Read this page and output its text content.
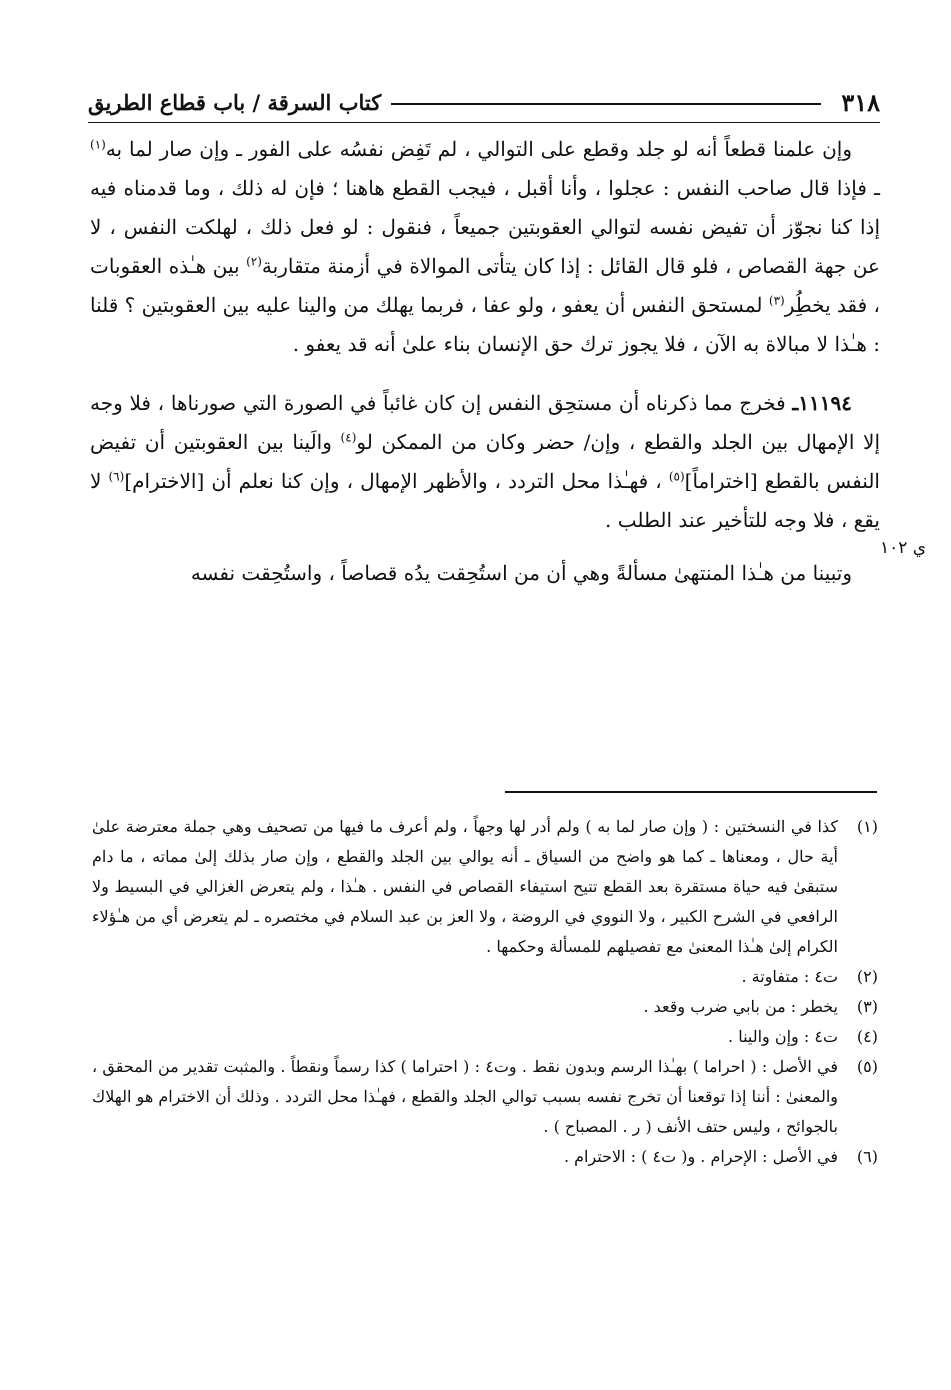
٣١٨
كتاب السرقة / باب قطاع الطريق
ي ١٠٢

وإن علمنا قطعاً أنه لو جلد وقطع على التوالي ، لم تَفِض نفسُه على الفور ـ وإن صار لما به$^{(١)}$ ـ فإذا قال صاحب النفس : عجلوا ، وأنا أقبل ، فيجب القطع هاهنا ؛ فإن له ذلك ، وما قدمناه فيه إذا كنا نجوّز أن تفيض نفسه لتوالي العقوبتين جميعاً ، فنقول : لو فعل ذلك ، لهلكت النفس ، لا عن جهة القصاص ، فلو قال القائل : إذا كان يتأتى الموالاة في أزمنة متقاربة$^{(٢)}$ بين هـٰذه العقوبات ، فقد يخطُِر$^{(٣)}$ لمستحق النفس أن يعفو ، ولو عفا ، فربما يهلك من والينا عليه بين العقوبتين ؟ قلنا : هـٰذا لا مبالاة به الآن ، فلا يجوز ترك حق الإنسان بناء علىٰ أنه قد يعفو .

١١١٩٤ـ فخرج مما ذكرناه أن مستحِق النفس إن كان غائباً في الصورة التي صورناها ، فلا وجه إلا الإمهال بين الجلد والقطع ، وإن/ حضر وكان من الممكن لو$^{(٤)}$ والَينا بين العقوبتين أن تفيض النفس بالقطع [اختراماً]$^{(٥)}$ ، فهـٰذا محل التردد ، والأظهر الإمهال ، وإن كنا نعلم أن [الاخترام]$^{(٦)}$ لا يقع ، فلا وجه للتأخير عند الطلب .

وتبينا من هـٰذا المنتهىٰ مسألةً وهي أن من استُحِقت يدُه قصاصاً ، واستُحِقت نفسه

(١)
كذا في النسختين : ( وإن صار لما به ) ولم أدر لها وجهاً ، ولم أعرف ما فيها من تصحيف وهي جملة معترضة علىٰ أية حال ، ومعناها ـ كما هو واضح من السياق ـ أنه يوالي بين الجلد والقطع ، وإن صار بذلك إلىٰ مماته ، ما دام ستبقىٰ فيه حياة مستقرة بعد القطع تتيح استيفاء القصاص في النفس . هـٰذا ، ولم يتعرض الغزالي في البسيط ولا الرافعي في الشرح الكبير ، ولا النووي في الروضة ، ولا العز بن عبد السلام في مختصره ـ لم يتعرض أي من هـٰؤلاء الكرام إلىٰ هـٰذا المعنىٰ مع تفصيلهم للمسألة وحكمها .
(٢)
ت٤ : متفاوتة .
(٣)
يخطر : من بابي ضرب وقعد .
(٤)
ت٤ : وإن والينا .
(٥)
في الأصل : ( احراما ) بهـٰذا الرسم وبدون نقط . وت٤ : ( احتراما ) كذا رسماً ونقطاً . والمثبت تقدير من المحقق ، والمعنىٰ : أننا إذا توقعنا أن تخرج نفسه بسبب توالي الجلد والقطع ، فهـٰذا محل التردد . وذلك أن الاخترام هو الهلاك بالجوائح ، وليس حتف الأنف ( ر . المصباح ) .
(٦)
في الأصل : الإحرام . و( ت٤ ) : الاحترام .
